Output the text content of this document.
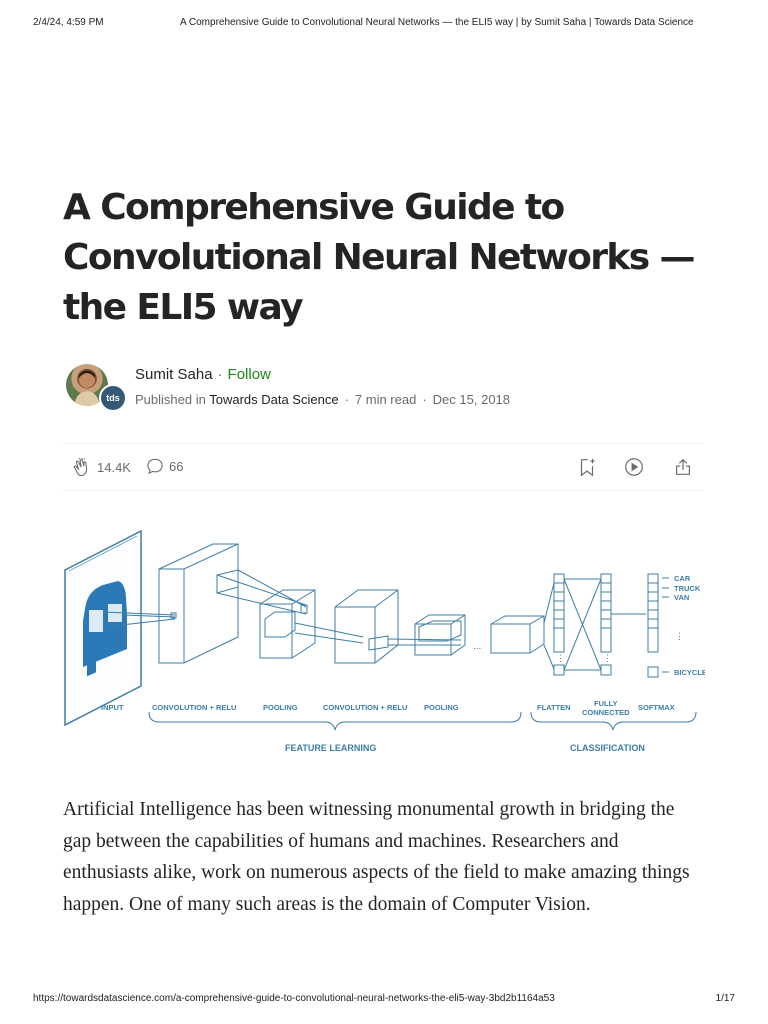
2/4/24, 4:59 PM	A Comprehensive Guide to Convolutional Neural Networks — the ELI5 way | by Sumit Saha | Towards Data Science
A Comprehensive Guide to Convolutional Neural Networks — the ELI5 way
tds
Sumit Saha · Follow
Published in Towards Data Science · 7 min read · Dec 15, 2018
14.4K	66
...
⋮	⋮
⋮
INPUT	CONVOLUTION + RELU	POOLING	CONVOLUTION + RELU POOLING	FLATTEN	FULLY
CONNECTED
SOFTMAX
CAR
TRUCK
VAN
BICYCLE
FEATURE LEARNING	CLASSIFICATION

Artificial Intelligence has been witnessing monumental growth in bridging the gap between the capabilities of humans and machines. Researchers and enthusiasts alike, work on numerous aspects of the field to make amazing things happen. One of many such areas is the domain of Computer Vision.

https://towardsdatascience.com/a-comprehensive-guide-to-convolutional-neural-networks-the-eli5-way-3bd2b1164a53	1/17
